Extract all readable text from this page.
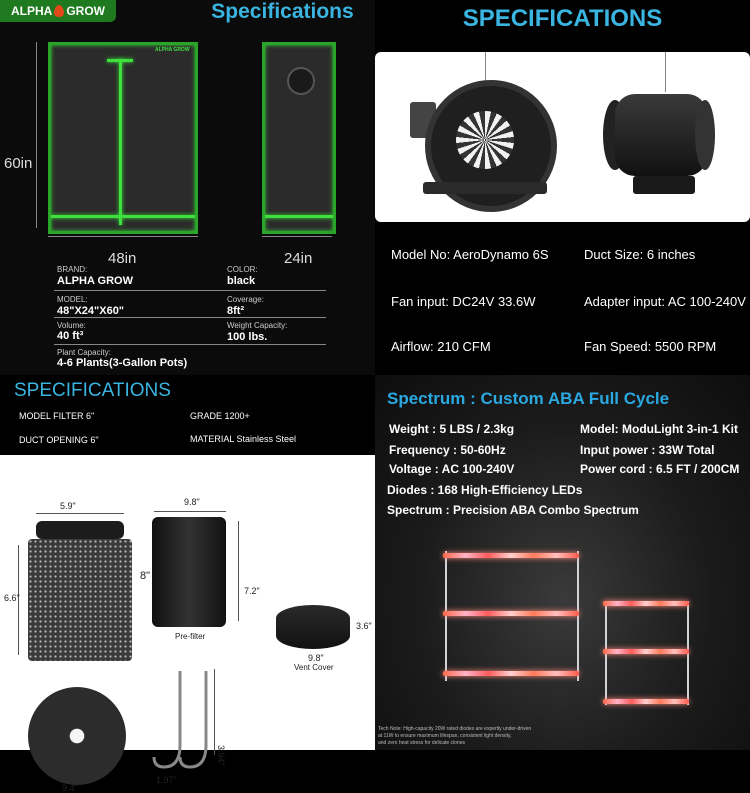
ALPHA GROW	Specifications
ALPHA GROW
60in
48in	24in
BRAND:
ALPHA GROW
COLOR:
black
MODEL:
48"X24"X60"
Coverage:
8ft²
Volume:
40 ft³
Weight Capacity:
100 lbs.
Plant Capacity:
4-6 Plants(3-Gallon Pots)
SPECIFICATIONS
Model No: AeroDynamo 6S	Duct Size: 6 inches
Fan input: DC24V 33.6W	Adapter input: AC 100-240V
Airflow: 210 CFM	Fan Speed: 5500 RPM
SPECIFICATIONS
MODEL FILTER 6"	GRADE 1200+
DUCT OPENING 6"	MATERIAL Stainless Steel
5.9"
6.6"
9.4"
9.8"
8"
7.2"
Pre-filter
3.6"
9.8"
Vent Cover
3.94"
1.97"
Spectrum : Custom ABA Full Cycle
Weight : 5 LBS / 2.3kg	Model: ModuLight 3-in-1 Kit
Frequency : 50-60Hz	Input power : 33W Total
Voltage : AC 100-240V	Power cord : 6.5 FT / 200CM
Diodes : 168 High-Efficiency LEDs
Spectrum : Precision ABA Combo Spectrum
Tech Note: High-capacity 20W rated diodes are expertly under-driven
at 11W to ensure maximum lifespan, consistent light density,
and zero heat stress for delicate clones
